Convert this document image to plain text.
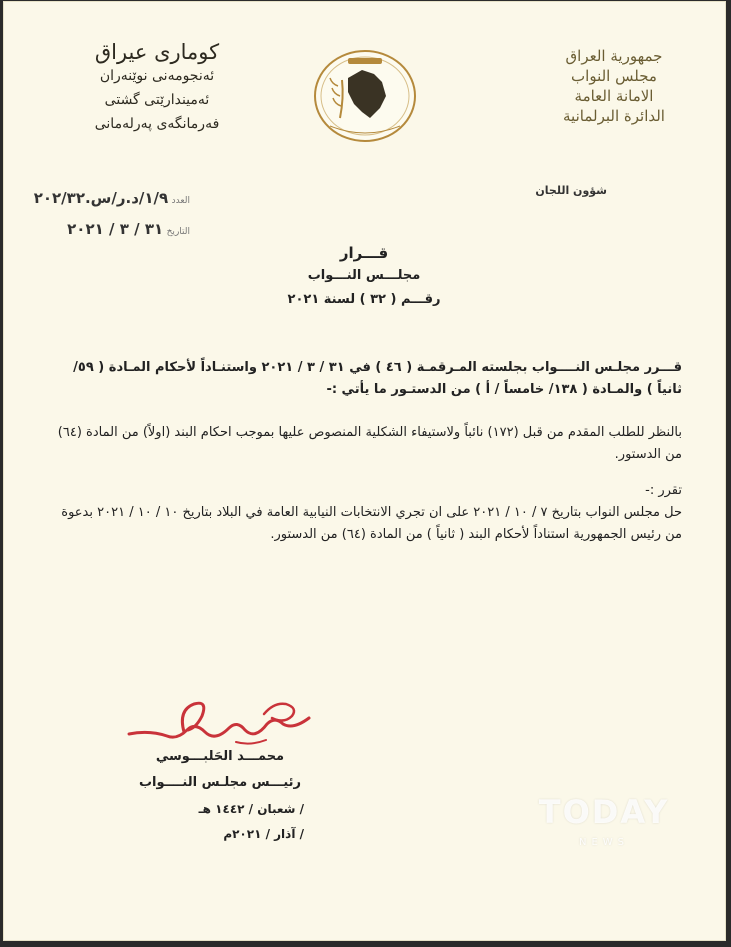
جمهورية العراق
مجلس النواب
الامانة العامة
الدائرة البرلمانية
كوماری عیراق
ئەنجومەنی نوێنەران
ئەمیندارێتی گشتی
فەرمانگەی پەرلەمانی
شؤون اللجان
العدد ١/٩/د.ر/س.٢٠٢/٣٢
التاريخ ٣١ / ٣ / ٢٠٢١
قـــرار
مجلـــس النـــواب
رقـــم ( ٣٢ ) لسنة ٢٠٢١
قـــرر مجلـس النــــواب بجلسته المـرقمـة ( ٤٦ ) في ٣١ / ٣ / ٢٠٢١ واستنـاداً لأحكام المـادة ( ٥٩/ ثانياً ) والمـادة ( ١٣٨/ خامساً / أ ) من الدستـور ما يأتي :-
بالنظر للطلب المقدم من قبل (١٧٢) نائباً ولاستيفاء الشكلية المنصوص عليها بموجب احكام البند (اولاً) من المادة (٦٤) من الدستور.
تقرر :-
حل مجلس النواب بتاريخ ٧ / ١٠ / ٢٠٢١ على ان تجري الانتخابات النيابية العامة في البلاد بتاريخ ١٠ / ١٠ / ٢٠٢١ بدعوة من رئيس الجمهورية استناداً لأحكام البند ( ثانياً ) من المادة (٦٤) من الدستور.
محمـــد الحَلبـــوسي
رئيـــس مجلـس النــــواب
/ شعبان / ١٤٤٢ هـ
/ آذار / ٢٠٢١م
TODAY
NEWS
